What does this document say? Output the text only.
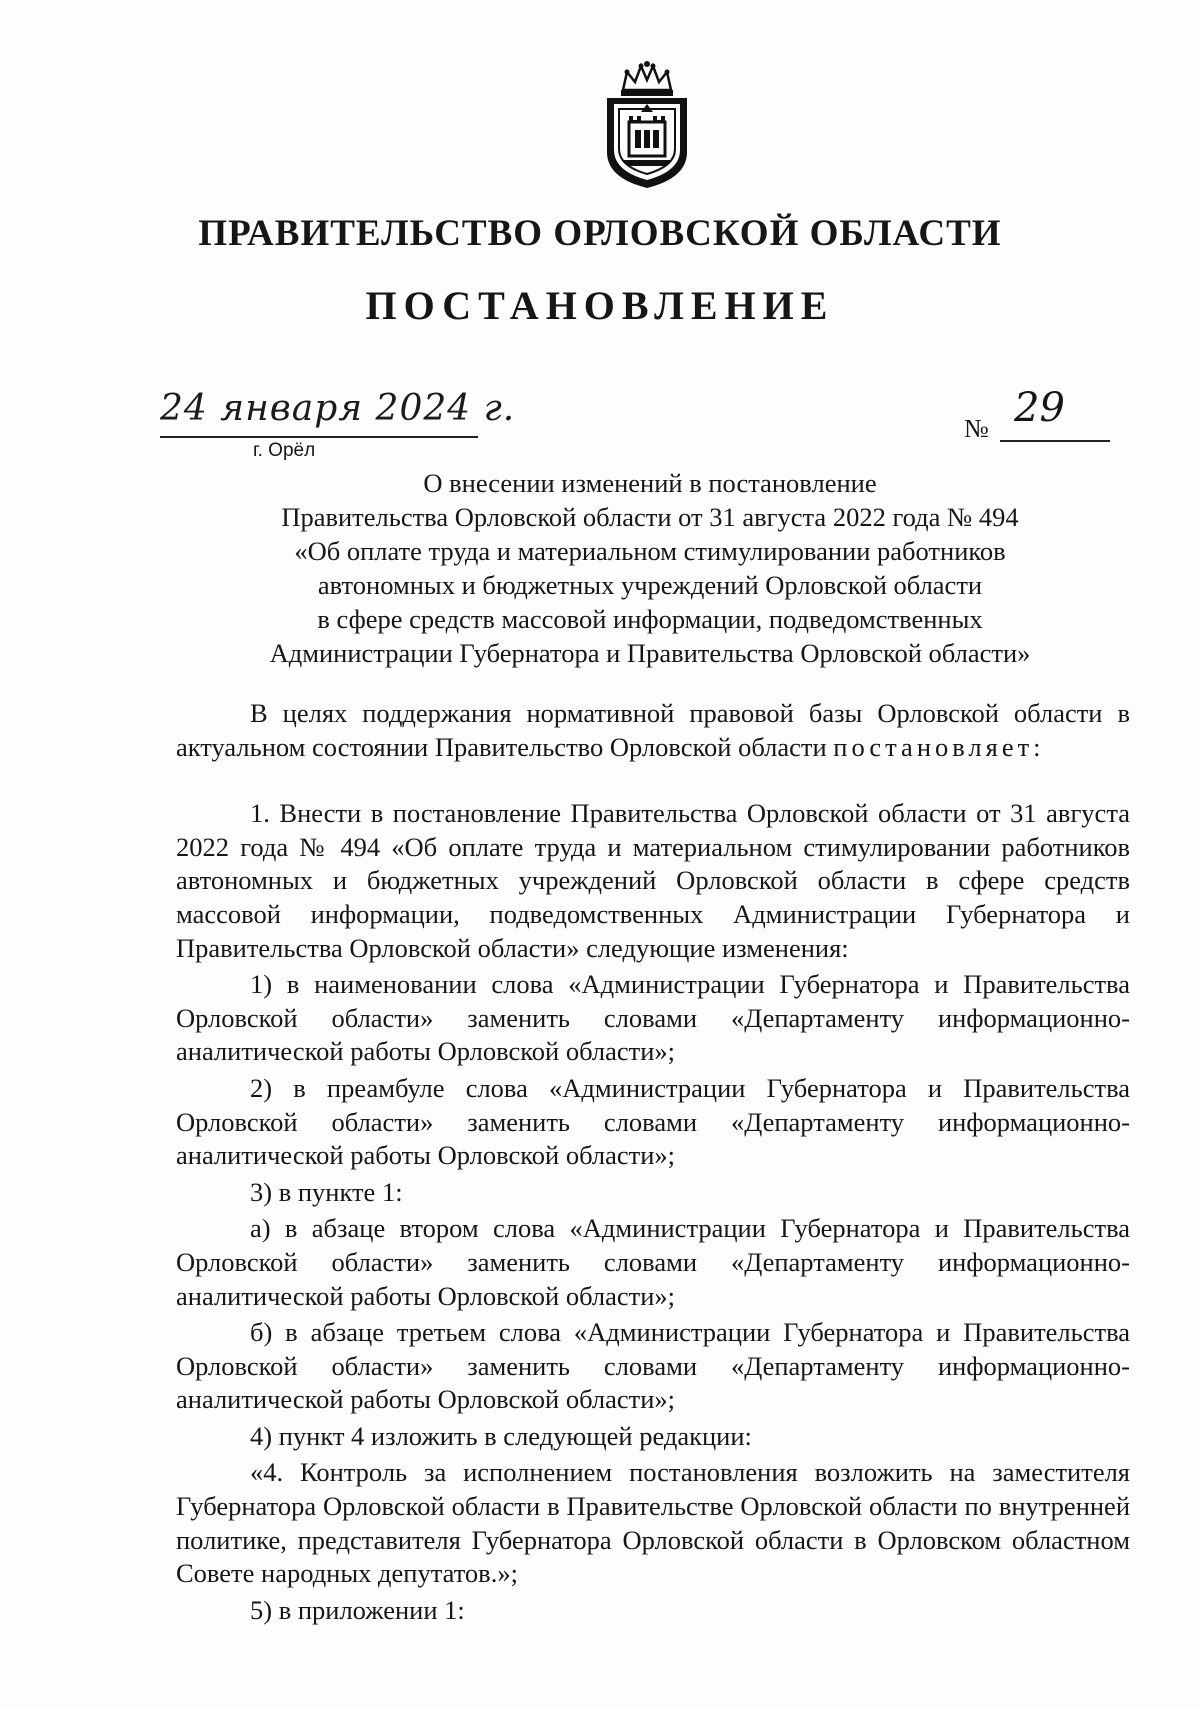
ПРАВИТЕЛЬСТВО ОРЛОВСКОЙ ОБЛАСТИ
ПОСТАНОВЛЕНИЕ
24 января 2024 г.
г. Орёл
№ 29
О внесении изменений в постановление
Правительства Орловской области от 31 августа 2022 года № 494
«Об оплате труда и материальном стимулировании работников
автономных и бюджетных учреждений Орловской области
в сфере средств массовой информации, подведомственных
Администрации Губернатора и Правительства Орловской области»

В целях поддержания нормативной правовой базы Орловской области в актуальном состоянии Правительство Орловской области постановляет:

1. Внести в постановление Правительства Орловской области от 31 августа 2022 года № 494 «Об оплате труда и материальном стимулировании работников автономных и бюджетных учреждений Орловской области в сфере средств массовой информации, подведомственных Администрации Губернатора и Правительства Орловской области» следующие изменения:

1) в наименовании слова «Администрации Губернатора и Правительства Орловской области» заменить словами «Департаменту информационно-аналитической работы Орловской области»;

2) в преамбуле слова «Администрации Губернатора и Правительства Орловской области» заменить словами «Департаменту информационно-аналитической работы Орловской области»;

3) в пункте 1:

а) в абзаце втором слова «Администрации Губернатора и Правительства Орловской области» заменить словами «Департаменту информационно-аналитической работы Орловской области»;

б) в абзаце третьем слова «Администрации Губернатора и Правительства Орловской области» заменить словами «Департаменту информационно-аналитической работы Орловской области»;

4) пункт 4 изложить в следующей редакции:

«4. Контроль за исполнением постановления возложить на заместителя Губернатора Орловской области в Правительстве Орловской области по внутренней политике, представителя Губернатора Орловской области в Орловском областном Совете народных депутатов.»;

5) в приложении 1:
